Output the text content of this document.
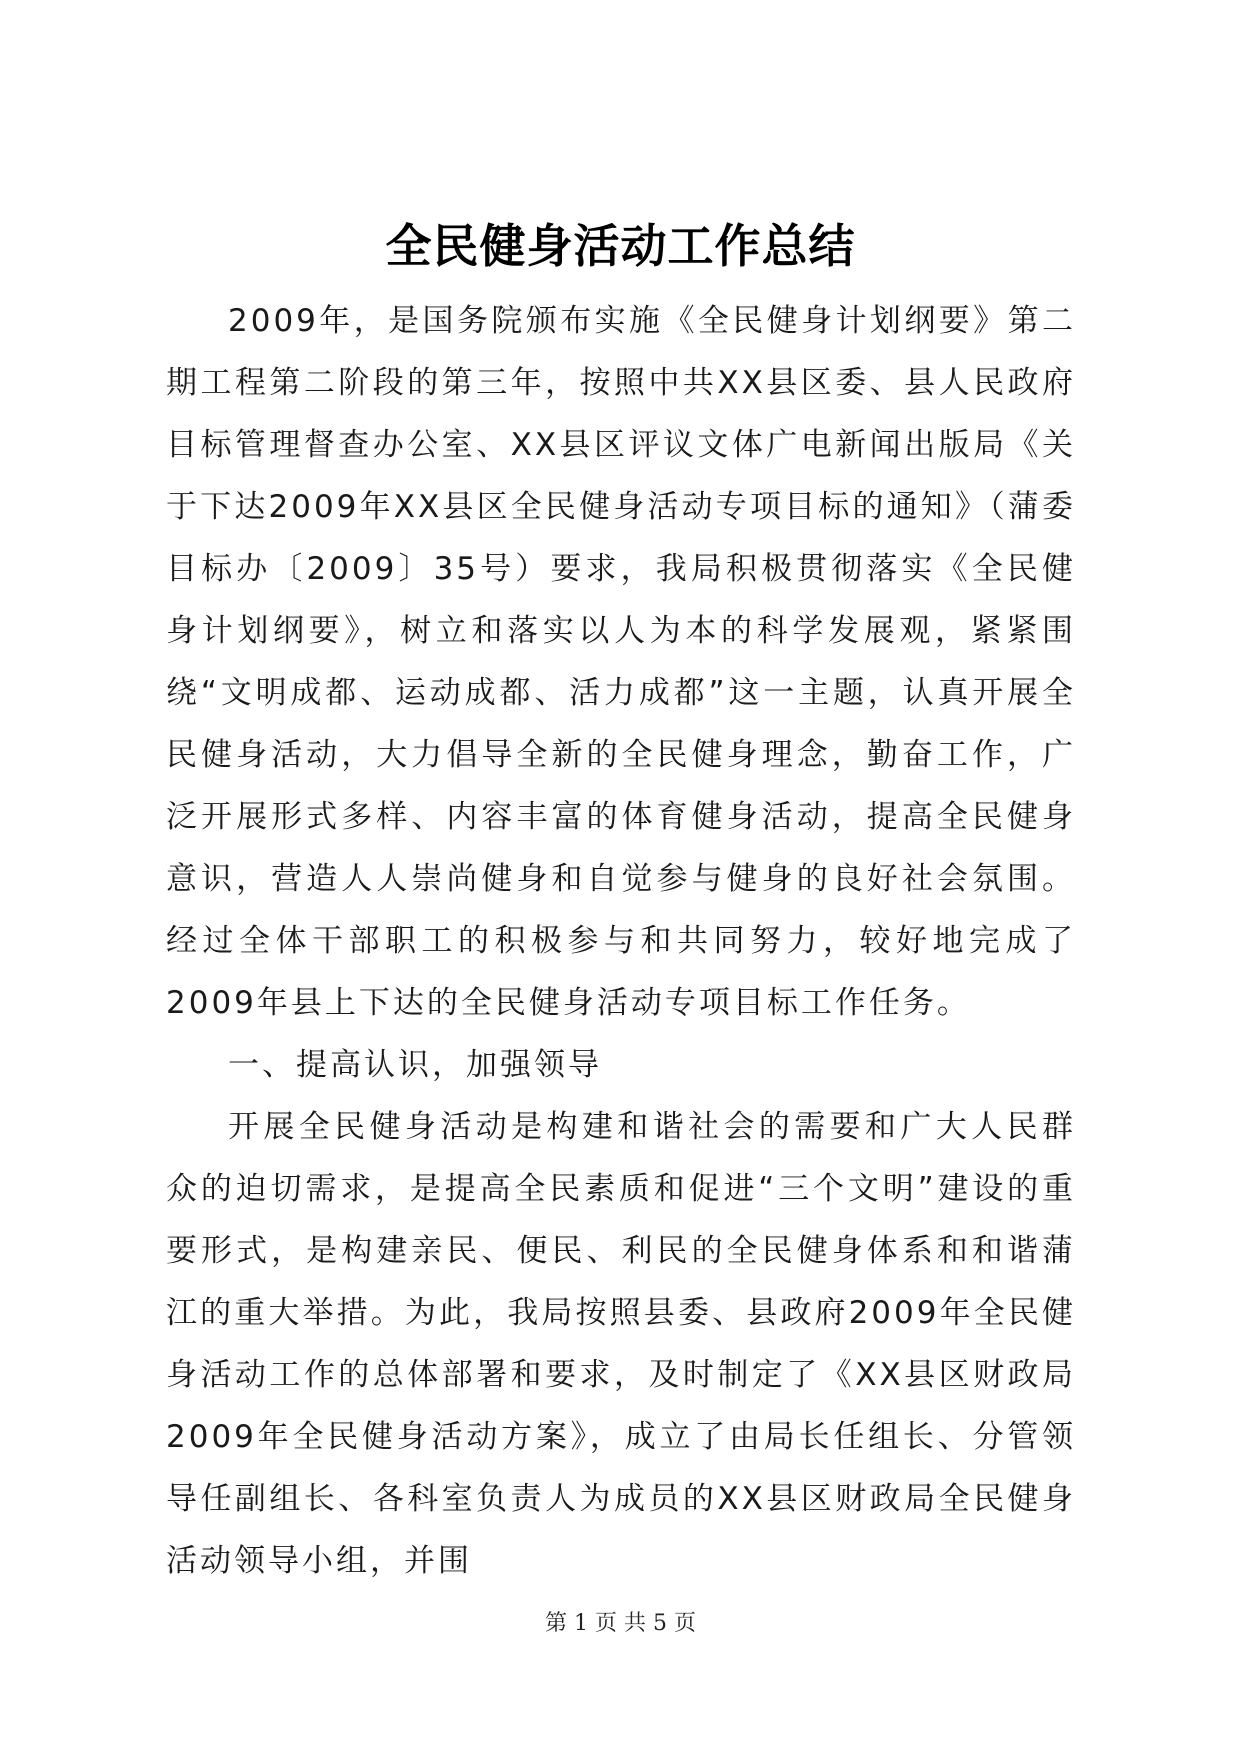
全民健身活动工作总结

2009年，是国务院颁布实施《全民健身计划纲要》第二期工程第二阶段的第三年，按照中共XX县区委、县人民政府目标管理督查办公室、XX县区评议文体广电新闻出版局《关于下达2009年XX县区全民健身活动专项目标的通知》（蒲委目标办〔2009〕35号）要求，我局积极贯彻落实《全民健身计划纲要》，树立和落实以人为本的科学发展观，紧紧围绕“文明成都、运动成都、活力成都”这一主题，认真开展全民健身活动，大力倡导全新的全民健身理念，勤奋工作，广泛开展形式多样、内容丰富的体育健身活动，提高全民健身意识，营造人人崇尚健身和自觉参与健身的良好社会氛围。经过全体干部职工的积极参与和共同努力，较好地完成了2009年县上下达的全民健身活动专项目标工作任务。

一、提高认识，加强领导

开展全民健身活动是构建和谐社会的需要和广大人民群众的迫切需求，是提高全民素质和促进“三个文明”建设的重要形式，是构建亲民、便民、利民的全民健身体系和和谐蒲江的重大举措。为此，我局按照县委、县政府2009年全民健身活动工作的总体部署和要求，及时制定了《XX县区财政局2009年全民健身活动方案》，成立了由局长任组长、分管领导任副组长、各科室负责人为成员的XX县区财政局全民健身活动领导小组，并围

第 1 页 共 5 页
